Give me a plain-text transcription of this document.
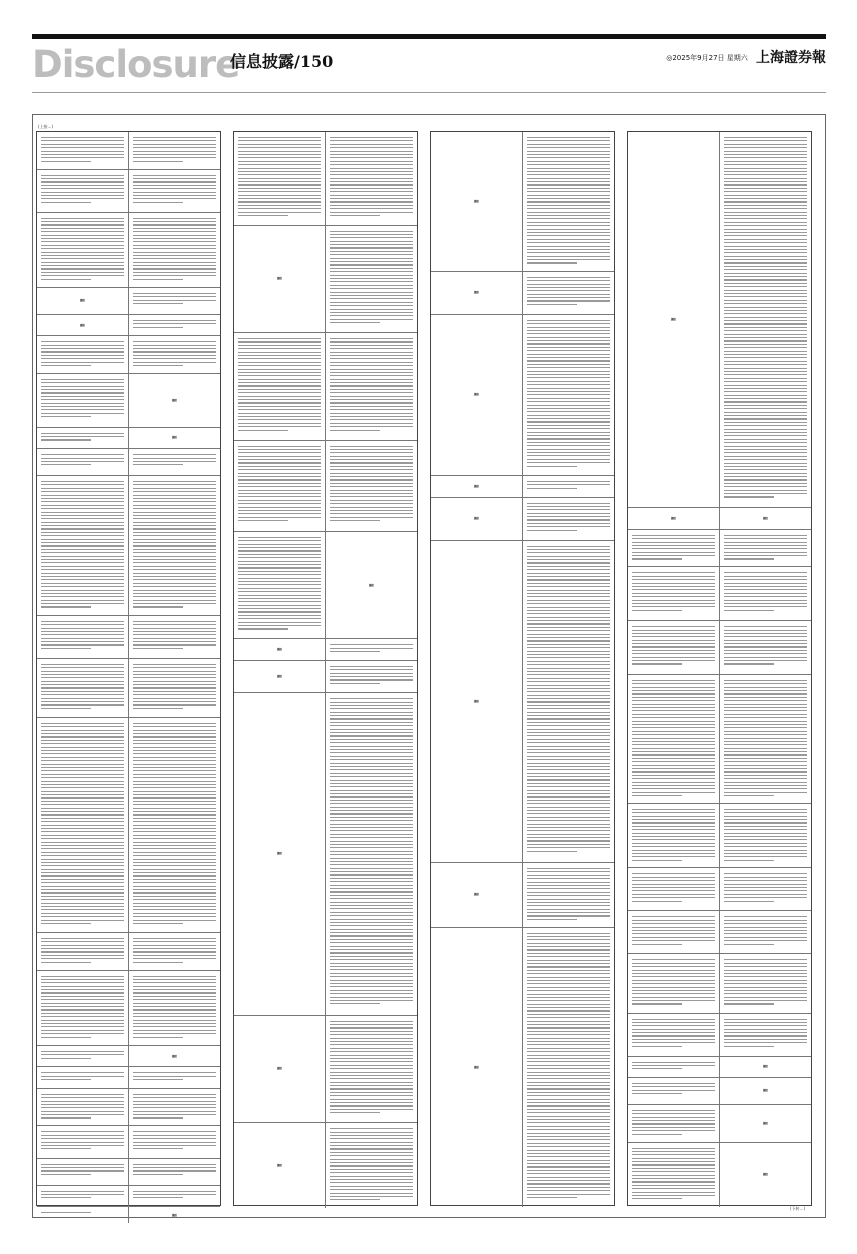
Disclosure
信息披露/150	◎2025年9月27日 星期六 上海證券報
(上接…)
(下转…)
删除
删除
删除
删除
删除
删除
删除
删除
删除
删除
删除
删除
删除
删除
删除
删除
删除
删除
删除
删除
删除
删除
删除	删除
删除
删除
删除
删除
